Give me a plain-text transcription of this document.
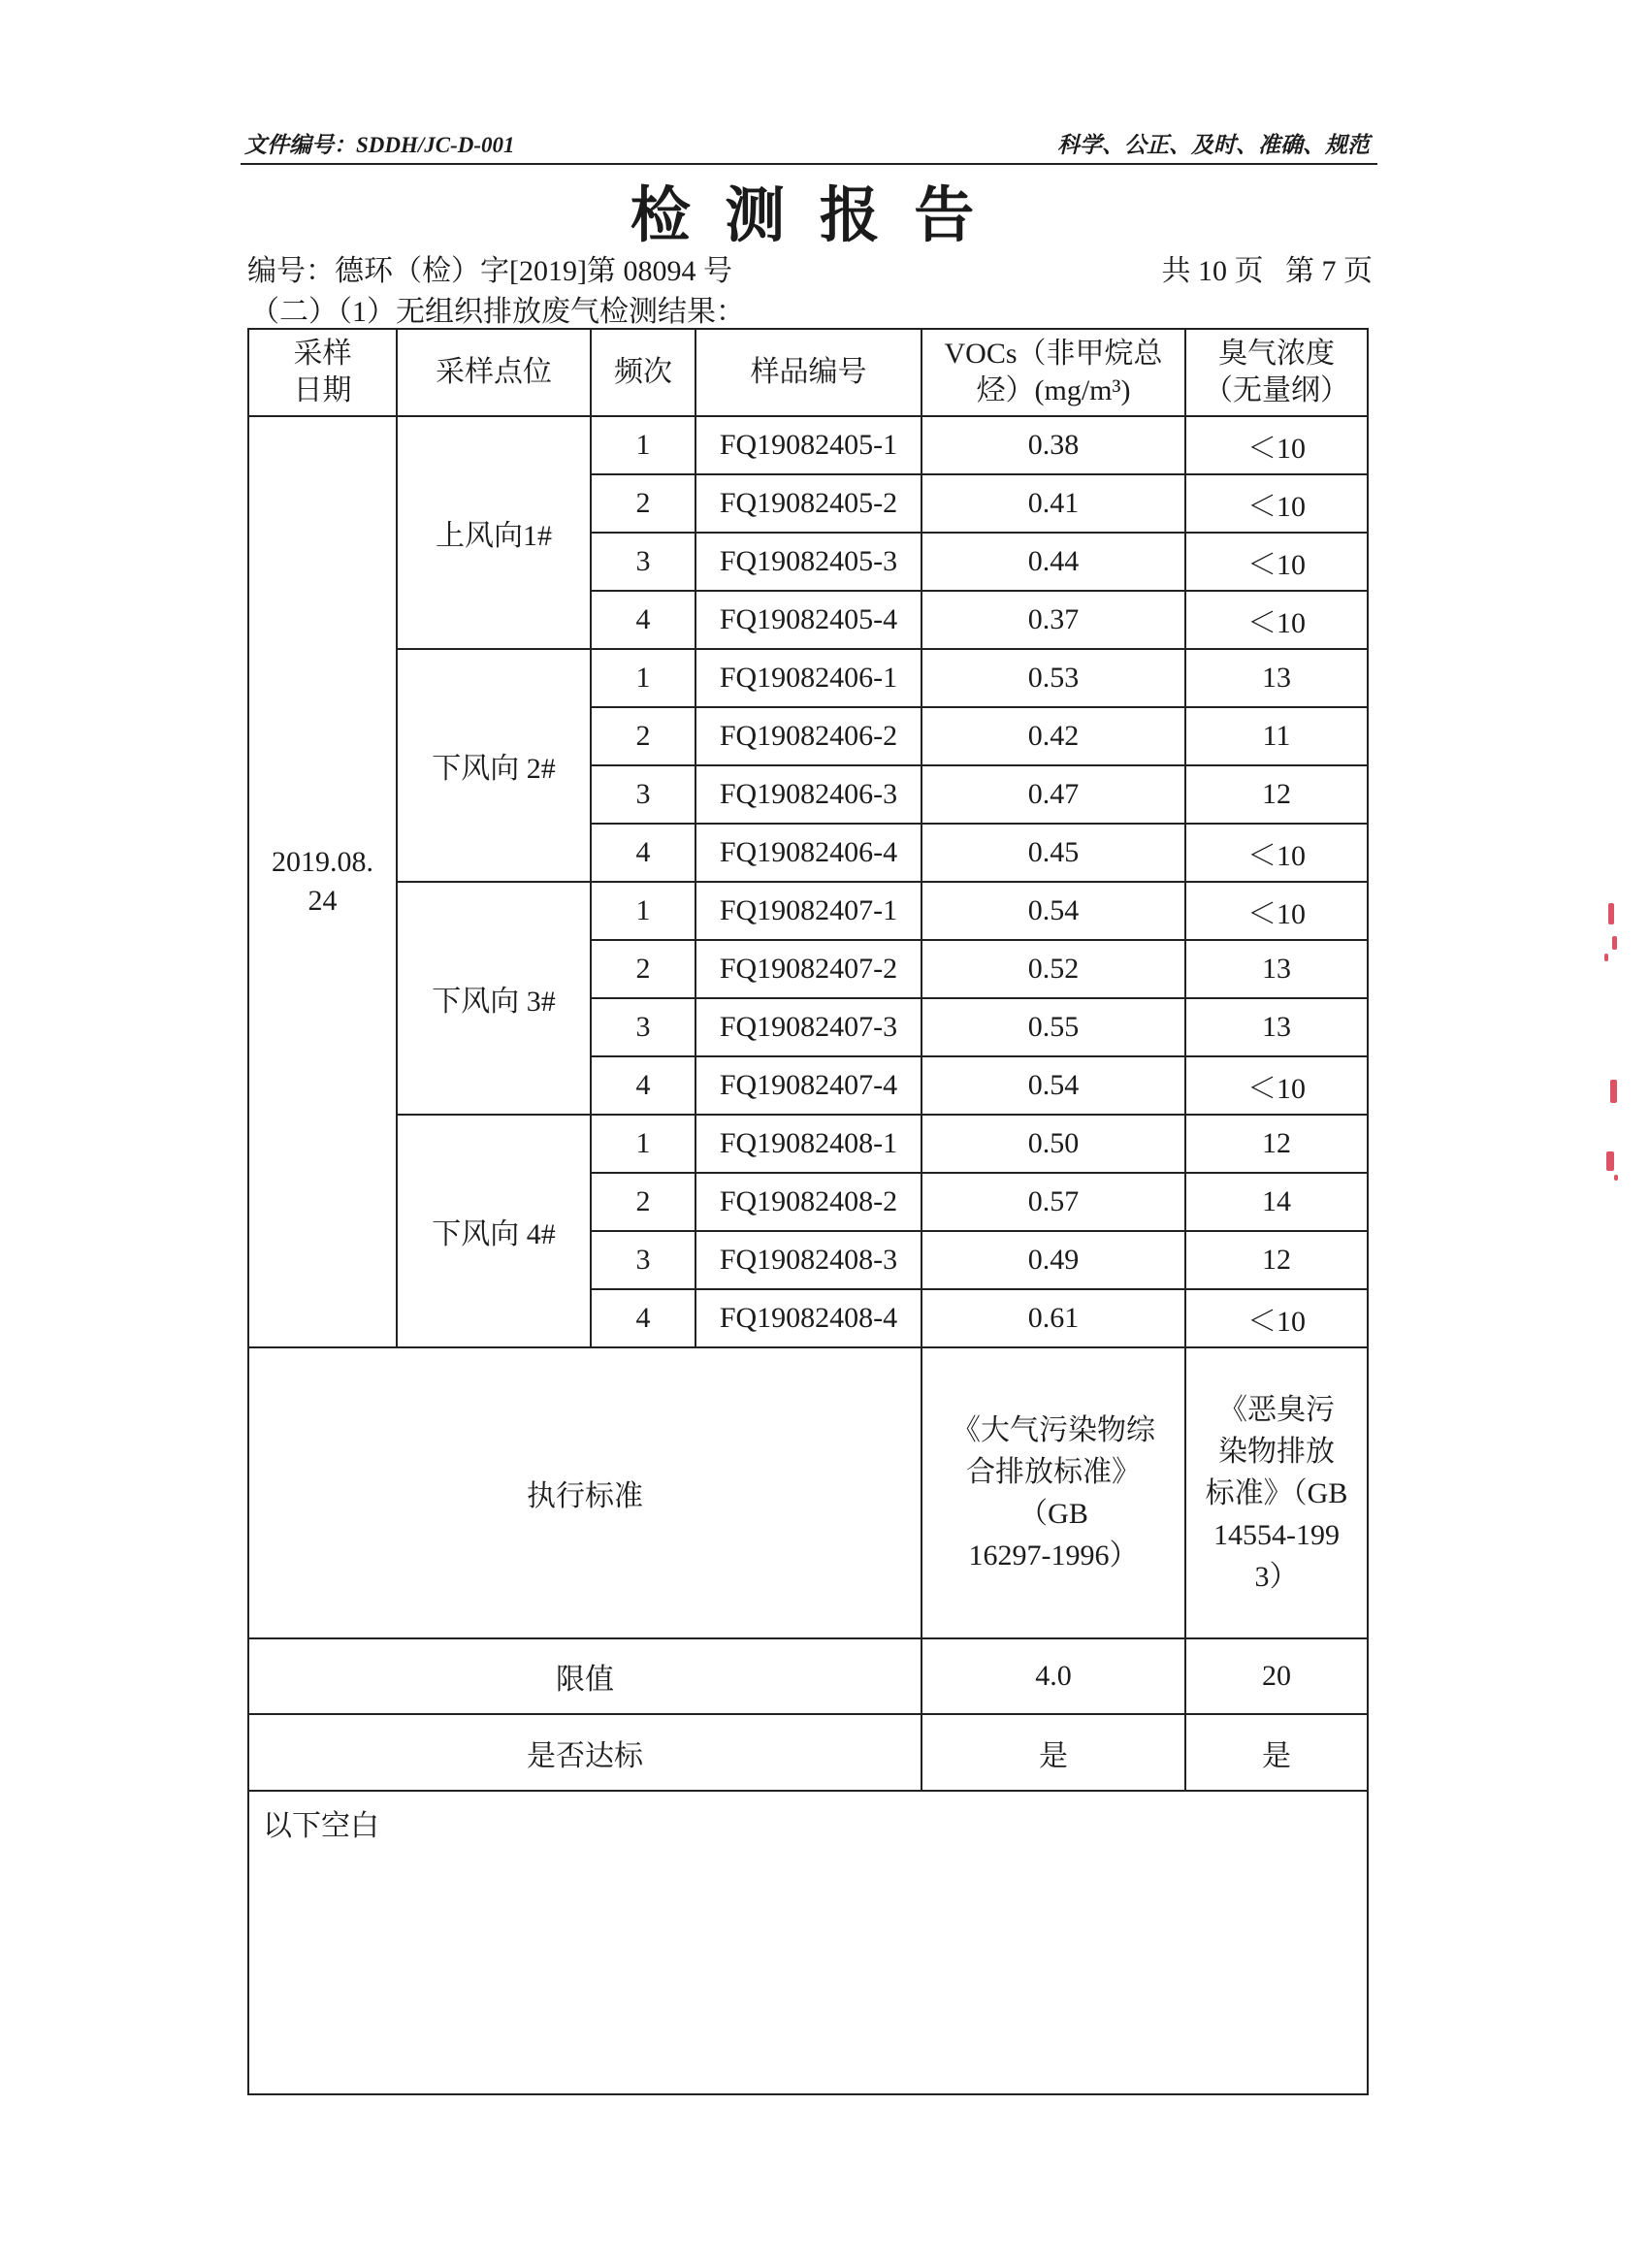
文件编号：SDDH/JC-D-001	科学、公正、及时、准确、规范
检 测 报 告
编号：德环（检）字[2019]第 08094 号	共 10 页   第 7 页
（二）（1）无组织排放废气检测结果：
采样
日期	采样点位	频次	样品编号	VOCs（非甲烷总
烃）(mg/m³)	臭气浓度
（无量纲）
2019.08.
24	上风向1#	1	FQ19082405-1	0.38	＜10
		2	FQ19082405-2	0.41	＜10
		3	FQ19082405-3	0.44	＜10
		4	FQ19082405-4	0.37	＜10
	下风向 2#	1	FQ19082406-1	0.53	13
		2	FQ19082406-2	0.42	11
		3	FQ19082406-3	0.47	12
		4	FQ19082406-4	0.45	＜10
	下风向 3#	1	FQ19082407-1	0.54	＜10
		2	FQ19082407-2	0.52	13
		3	FQ19082407-3	0.55	13
		4	FQ19082407-4	0.54	＜10
	下风向 4#	1	FQ19082408-1	0.50	12
		2	FQ19082408-2	0.57	14
		3	FQ19082408-3	0.49	12
		4	FQ19082408-4	0.61	＜10
执行标准				《大气污染物综
合排放标准》
（GB
16297-1996）	《恶臭污
染物排放
标准》（GB
14554-199
3）
限值				4.0	20
是否达标				是	是
以下空白					
